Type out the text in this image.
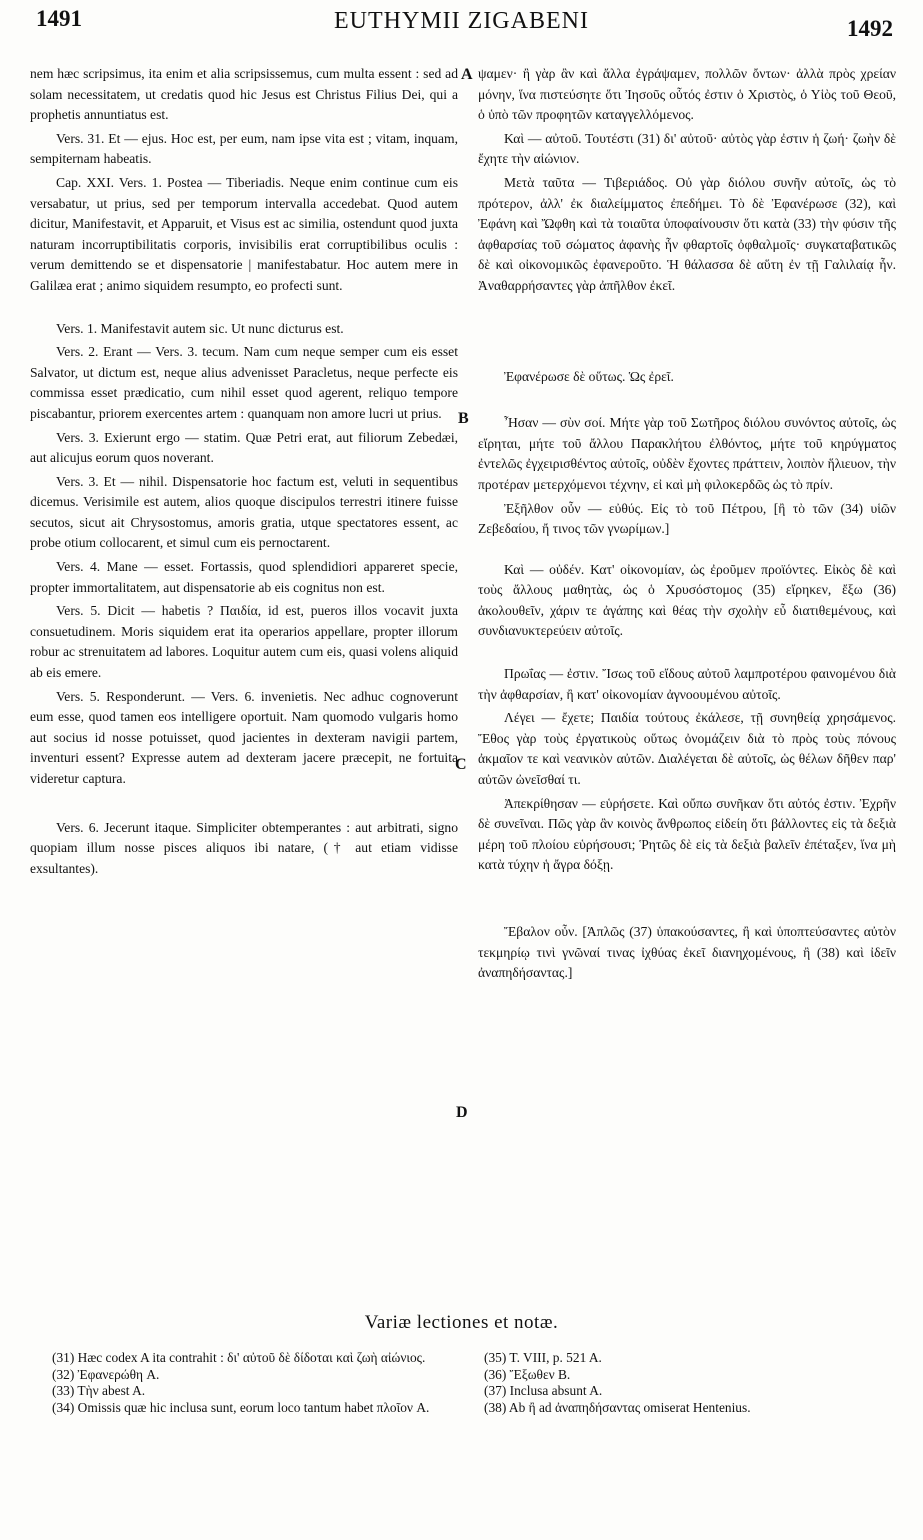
1491	EUTHYMII ZIGABENI	1492

nem hæc scripsimus, ita enim et alia scripsissemus, cum multa essent : sed ad solam necessitatem, ut credatis quod hic Jesus est Christus Filius Dei, qui a prophetis annuntiatus est.

Vers. 31. Et — ejus. Hoc est, per eum, nam ipse vita est ; vitam, inquam, sempiternam habeatis.

Cap. XXI. Vers. 1. Postea — Tiberiadis. Neque enim continue cum eis versabatur, ut prius, sed per temporum intervalla accedebat. Quod autem dicitur, Manifestavit, et Apparuit, et Visus est ac similia, ostendunt quod juxta naturam incorruptibilitatis corporis, invisibilis erat corruptibilibus oculis : verum demittendo se et dispensatorie | manifestabatur. Hoc autem mere in Galilæa erat ; animo siquidem resumpto, eo profecti sunt.

Vers. 1. Manifestavit autem sic. Ut nunc dicturus est.

Vers. 2. Erant — Vers. 3. tecum. Nam cum neque semper cum eis esset Salvator, ut dictum est, neque alius advenisset Paracletus, neque perfecte eis commissa esset prædicatio, cum nihil esset quod agerent, reliquo tempore piscabantur, priorem exercentes artem : quanquam non amore lucri ut prius.

Vers. 3. Exierunt ergo — statim. Quæ Petri erat, aut filiorum Zebedæi, aut alicujus eorum quos noverant.

Vers. 3. Et — nihil. Dispensatorie hoc factum est, veluti in sequentibus dicemus. Verisimile est autem, alios quoque discipulos terrestri itinere fuisse secutos, sicut ait Chrysostomus, amoris gratia, utque spectatores essent, ac probe otium collocarent, et simul cum eis pernoctarent.

Vers. 4. Mane — esset. Fortassis, quod splendidiori appareret specie, propter immortalitatem, aut dispensatorie ab eis cognitus non est.

Vers. 5. Dicit — habetis ? Παιδία, id est, pueros illos vocavit juxta consuetudinem. Moris siquidem erat ita operarios appellare, propter illorum robur ac strenuitatem ad labores. Loquitur autem cum eis, quasi volens aliquid ab eis emere.

Vers. 5. Responderunt. — Vers. 6. invenietis. Nec adhuc cognoverunt eum esse, quod tamen eos intelligere oportuit. Nam quomodo vulgaris homo aut socius id nosse potuisset, quod jacientes in dexteram navigii partem, inventuri essent? Expresse autem ad dexteram jacere præcepit, ne fortuita videretur captura.

Vers. 6. Jecerunt itaque. Simpliciter obtemperantes : aut arbitrati, signo quopiam illum nosse pisces aliquos ibi natare, († aut etiam vidisse exsultantes).

A
B
C
D

ψαμεν· ἢ γὰρ ἂν καὶ ἄλλα ἐγράψαμεν, πολλῶν ὄντων· ἀλλὰ πρὸς χρείαν μόνην, ἵνα πιστεύσητε ὅτι Ἰησοῦς οὗτός ἐστιν ὁ Χριστὸς, ὁ Υἱὸς τοῦ Θεοῦ, ὁ ὑπὸ τῶν προφητῶν καταγγελλόμενος.

Καὶ — αὐτοῦ. Τουτέστι (31) δι' αὐτοῦ· αὐτὸς γὰρ ἐστιν ἡ ζωή· ζωὴν δὲ ἔχητε τὴν αἰώνιον.

Μετὰ ταῦτα — Τιβεριάδος. Οὐ γὰρ διόλου συνῆν αὐτοῖς, ὡς τὸ πρότερον, ἀλλ' ἐκ διαλείμματος ἐπεδήμει. Τὸ δὲ Ἐφανέρωσε (32), καὶ Ἐφάνη καὶ Ὤφθη καὶ τὰ τοιαῦτα ὑποφαίνουσιν ὅτι κατὰ (33) τὴν φύσιν τῆς ἀφθαρσίας τοῦ σώματος ἀφανὴς ἦν φθαρτοῖς ὀφθαλμοῖς· συγκαταβατικῶς δὲ καὶ οἰκονομικῶς ἐφανεροῦτο. Ἡ θάλασσα δὲ αὕτη ἐν τῇ Γαλιλαίᾳ ἦν. Ἀναθαρρήσαντες γὰρ ἀπῆλθον ἐκεῖ.

Ἐφανέρωσε δὲ οὕτως. Ὡς ἐρεῖ.

Ἦσαν — σὺν σοί. Μήτε γὰρ τοῦ Σωτῆρος διόλου συνόντος αὐτοῖς, ὡς εἴρηται, μήτε τοῦ ἄλλου Παρακλήτου ἐλθόντος, μήτε τοῦ κηρύγματος ἐντελῶς ἐγχειρισθέντος αὐτοῖς, οὐδὲν ἔχοντες πράττειν, λοιπὸν ἥλιευον, τὴν προτέραν μετερχόμενοι τέχνην, εἰ καὶ μὴ φιλοκερδῶς ὡς τὸ πρίν.

Ἐξῆλθον οὖν — εὐθύς. Εἰς τὸ τοῦ Πέτρου, [ἢ τὸ τῶν (34) υἱῶν Ζεβεδαίου, ἤ τινος τῶν γνωρίμων.]

Καὶ — οὐδέν. Κατ' οἰκονομίαν, ὡς ἐροῦμεν προϊόντες. Εἰκὸς δὲ καὶ τοὺς ἄλλους μαθητὰς, ὡς ὁ Χρυσόστομος (35) εἴρηκεν, ἔξω (36) ἀκολουθεῖν, χάριν τε ἀγάπης καὶ θέας τὴν σχολὴν εὖ διατιθεμένους, καὶ συνδιανυκτερεύειν αὐτοῖς.

Πρωΐας — ἐστιν. Ἴσως τοῦ εἴδους αὐτοῦ λαμπροτέρου φαινομένου διὰ τὴν ἀφθαρσίαν, ἢ κατ' οἰκονομίαν ἀγνοουμένου αὐτοῖς.

Λέγει — ἔχετε; Παιδία τούτους ἐκάλεσε, τῇ συνηθείᾳ χρησάμενος. Ἔθος γὰρ τοὺς ἐργατικοὺς οὕτως ὀνομάζειν διὰ τὸ πρὸς τοὺς πόνους ἀκμαῖον τε καὶ νεανικὸν αὐτῶν. Διαλέγεται δὲ αὐτοῖς, ὡς θέλων δῆθεν παρ' αὐτῶν ὠνεῖσθαί τι.

Ἀπεκρίθησαν — εὑρήσετε. Καὶ οὔπω συνῆκαν ὅτι αὐτός ἐστιν. Ἐχρῆν δὲ συνεῖναι. Πῶς γὰρ ἂν κοινὸς ἄνθρωπος εἰδείη ὅτι βάλλοντες εἰς τὰ δεξιὰ μέρη τοῦ πλοίου εὑρήσουσι; Ῥητῶς δὲ εἰς τὰ δεξιὰ βαλεῖν ἐπέταξεν, ἵνα μὴ κατὰ τύχην ἡ ἄγρα δόξῃ.

Ἔβαλον οὖν. [Ἁπλῶς (37) ὑπακούσαντες, ἢ καὶ ὑποπτεύσαντες αὐτὸν τεκμηρίῳ τινὶ γνῶναί τινας ἰχθύας ἐκεῖ διανηχομένους, ἢ (38) καὶ ἰδεῖν ἀναπηδήσαντας.]

Variæ lectiones et notæ.
(31) Hæc codex A ita contrahit : δι' αὐτοῦ δὲ δίδοται καὶ ζωὴ αἰώνιος.
(32) Ἐφανερώθη A.
(33) Τὴν abest A.
(34) Omissis quæ hic inclusa sunt, eorum loco tantum habet πλοῖον A.
(35) T. VIII, p. 521 A.
(36) Ἔξωθεν B.
(37) Inclusa absunt A.
(38) Ab ἢ ad ἀναπηδήσαντας omiserat Hentenius.
